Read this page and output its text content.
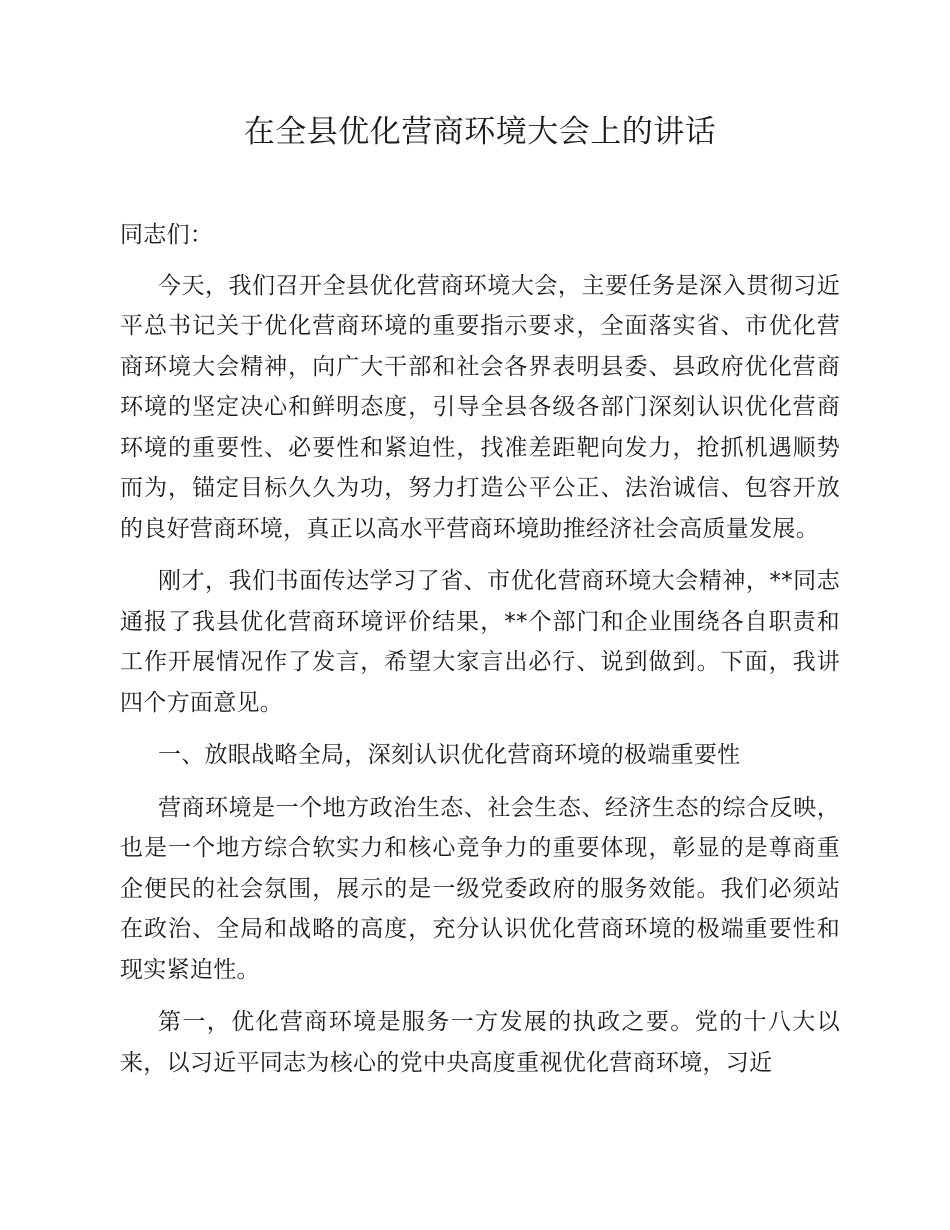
在全县优化营商环境大会上的讲话

同志们：

今天，我们召开全县优化营商环境大会，主要任务是深入贯彻习近平总书记关于优化营商环境的重要指示要求，全面落实省、市优化营商环境大会精神，向广大干部和社会各界表明县委、县政府优化营商环境的坚定决心和鲜明态度，引导全县各级各部门深刻认识优化营商环境的重要性、必要性和紧迫性，找准差距靶向发力，抢抓机遇顺势而为，锚定目标久久为功，努力打造公平公正、法治诚信、包容开放的良好营商环境，真正以高水平营商环境助推经济社会高质量发展。

刚才，我们书面传达学习了省、市优化营商环境大会精神，**同志通报了我县优化营商环境评价结果，**个部门和企业围绕各自职责和工作开展情况作了发言，希望大家言出必行、说到做到。下面，我讲四个方面意见。

一、放眼战略全局，深刻认识优化营商环境的极端重要性

营商环境是一个地方政治生态、社会生态、经济生态的综合反映，也是一个地方综合软实力和核心竞争力的重要体现，彰显的是尊商重企便民的社会氛围，展示的是一级党委政府的服务效能。我们必须站在政治、全局和战略的高度，充分认识优化营商环境的极端重要性和现实紧迫性。

第一，优化营商环境是服务一方发展的执政之要。党的十八大以来，以习近平同志为核心的党中央高度重视优化营商环境，习近
